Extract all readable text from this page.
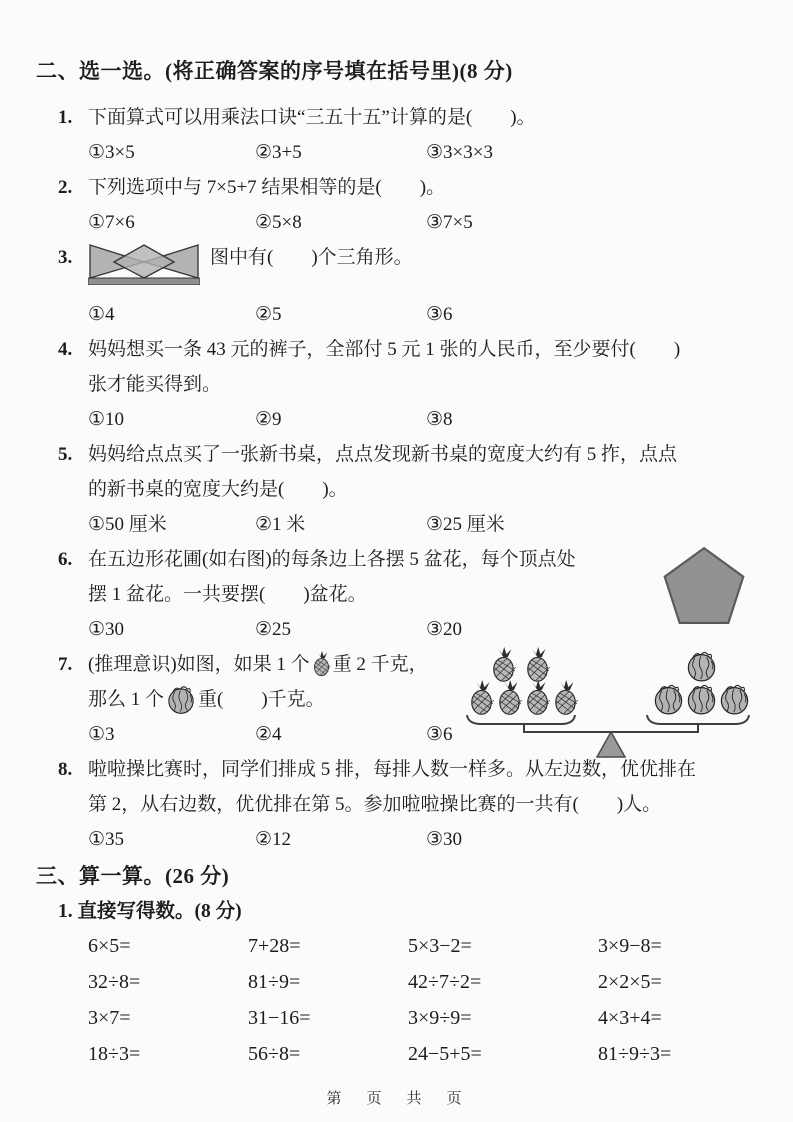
二、选一选。(将正确答案的序号填在括号里)(8 分)
1. 下面算式可以用乘法口诀“三五十五”计算的是(　　)。
①3×5	②3+5	③3×3×3
2. 下列选项中与 7×5+7 结果相等的是(　　)。
①7×6	②5×8	③7×5
3.	图中有(　　)个三角形。
①4	②5	③6
4. 妈妈想买一条 43 元的裤子，全部付 5 元 1 张的人民币，至少要付(　　)
张才能买得到。
①10	②9	③8
5. 妈妈给点点买了一张新书桌，点点发现新书桌的宽度大约有 5 拃，点点
的新书桌的宽度大约是(　　)。
①50 厘米	②1 米	③25 厘米
6. 在五边形花圃(如右图)的每条边上各摆 5 盆花，每个顶点处
摆 1 盆花。一共要摆(　　)盆花。
①30	②25	③20
7. (推理意识)如图，如果 1 个 重 2 千克，
那么 1 个 重(　　)千克。
①3	②4	③6
8. 啦啦操比赛时，同学们排成 5 排，每排人数一样多。从左边数，优优排在
第 2，从右边数，优优排在第 5。参加啦啦操比赛的一共有(　　)人。
①35	②12	③30
三、算一算。(26 分)
1. 直接写得数。(8 分)
6×5=	7+28=	5×3−2=	3×9−8=
32÷8=	81÷9=	42÷7÷2=	2×2×5=
3×7=	31−16=	3×9÷9=	4×3+4=
18÷3=	56÷8=	24−5+5=	81÷9÷3=
第　页　共　页
